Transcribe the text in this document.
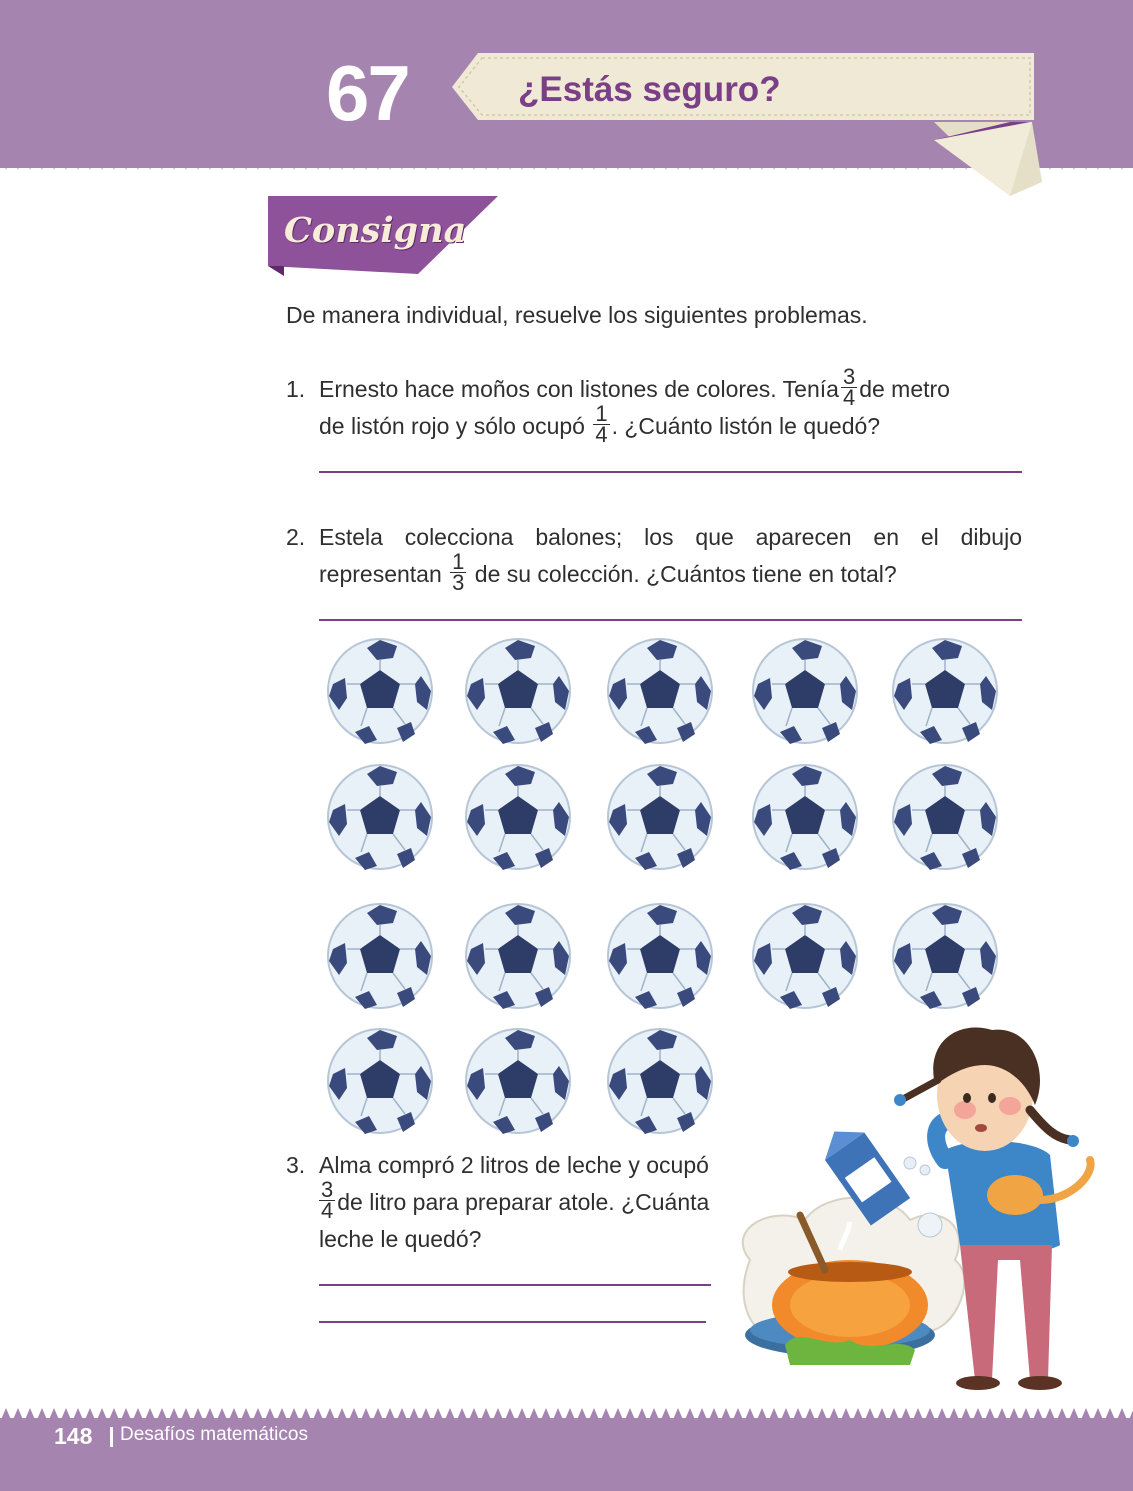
67	¿Estás seguro?
Consigna
De manera individual, resuelve los siguientes problemas.
1. Ernesto hace moños con listones de colores. Tenía $\frac{3}{4}$ de metro
de listón rojo y sólo ocupó $\frac{1}{4}$ . ¿Cuánto listón le quedó?
2. Estela colecciona balones; los que aparecen en el dibujo
representan $\frac{1}{3}$ de su colección. ¿Cuántos tiene en total?
3. Alma compró 2 litros de leche y ocupó
$\frac{3}{4}$ de litro para preparar atole. ¿Cuánta
leche le quedó?
148 Desafíos matemáticos
